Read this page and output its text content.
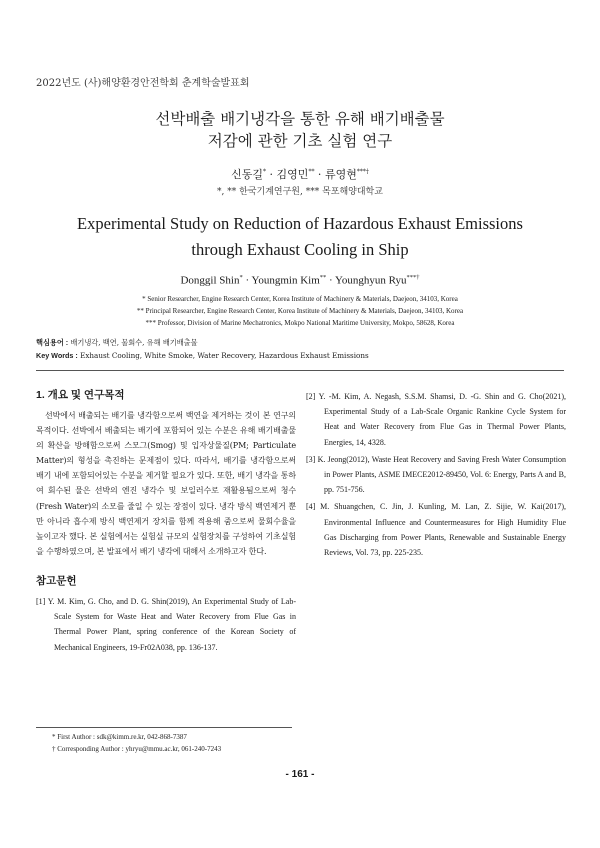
2022년도 (사)해양환경안전학회 춘계학술발표회
선박배출 배기냉각을 통한 유해 배기배출물
저감에 관한 기초 실험 연구
신동길* · 김영민** · 류영현***†
*, ** 한국기계연구원, *** 목포해양대학교
Experimental Study on Reduction of Hazardous Exhaust Emissions
through Exhaust Cooling in Ship
Donggil Shin* · Youngmin Kim** · Younghyun Ryu***†
* Senior Researcher, Engine Research Center, Korea Institute of Machinery & Materials, Daejeon, 34103, Korea
** Principal Researcher, Engine Research Center, Korea Institute of Machinery & Materials, Daejeon, 34103, Korea
*** Professor, Division of Marine Mechatronics, Mokpo National Maritime University, Mokpo, 58628, Korea
핵심용어 : 배기냉각, 백연, 물회수, 유해 배기배출물
Key Words : Exhaust Cooling, White Smoke, Water Recovery, Hazardous Exhaust Emissions
1. 개요 및 연구목적

선박에서 배출되는 배기를 냉각함으로써 백연을 제거하는 것이 본 연구의 목적이다. 선박에서 배출되는 배기에 포함되어 있는 수분은 유해 배기배출물의 확산을 방해함으로써 스모그(Smog) 및 입자상물질(PM; Particulate Matter)의 형성을 촉진하는 문제점이 있다. 따라서, 배기를 냉각함으로써 배기 내에 포함되어있는 수분을 제거할 필요가 있다. 또한, 배기 냉각을 통하여 회수된 물은 선박의 엔진 냉각수 및 보일러수로 재활용됨으로써 청수(Fresh Water)의 소모를 줄일 수 있는 장점이 있다. 냉각 방식 백연제거 뿐만 아니라 흡수제 방식 백연제거 장치를 함께 적용해 줌으로써 물회수율을 높이고자 했다. 본 실험에서는 실험실 규모의 실험장치를 구성하여 기초실험을 수행하였으며, 본 발표에서 배기 냉각에 대해서 소개하고자 한다.

참고문헌

[1] Y. M. Kim, G. Cho, and D. G. Shin(2019), An Experimental Study of Lab-Scale System for Waste Heat and Water Recovery from Flue Gas in Thermal Power Plant, spring conference of the Korean Society of Mechanical Engineers, 19-Fr02A038, pp. 136-137.

[2] Y. -M. Kim, A. Negash, S.S.M. Shamsi, D. -G. Shin and G. Cho(2021), Experimental Study of a Lab-Scale Organic Rankine Cycle System for Heat and Water Recovery from Flue Gas in Thermal Power Plants, Energies, 14, 4328.

[3] K. Jeong(2012), Waste Heat Recovery and Saving Fresh Water Consumption in Power Plants, ASME IMECE2012-89450, Vol. 6: Energy, Parts A and B, pp. 751-756.

[4] M. Shuangchen, C. Jin, J. Kunling, M. Lan, Z. Sijie, W. Kai(2017), Environmental Influence and Countermeasures for High Humidity Flue Gas Discharging from Power Plants, Renewable and Sustainable Energy Reviews, Vol. 73, pp. 225-235.

* First Author : sdk@kimm.re.kr, 042-868-7387
† Corresponding Author : yhryu@mmu.ac.kr, 061-240-7243
- 161 -
